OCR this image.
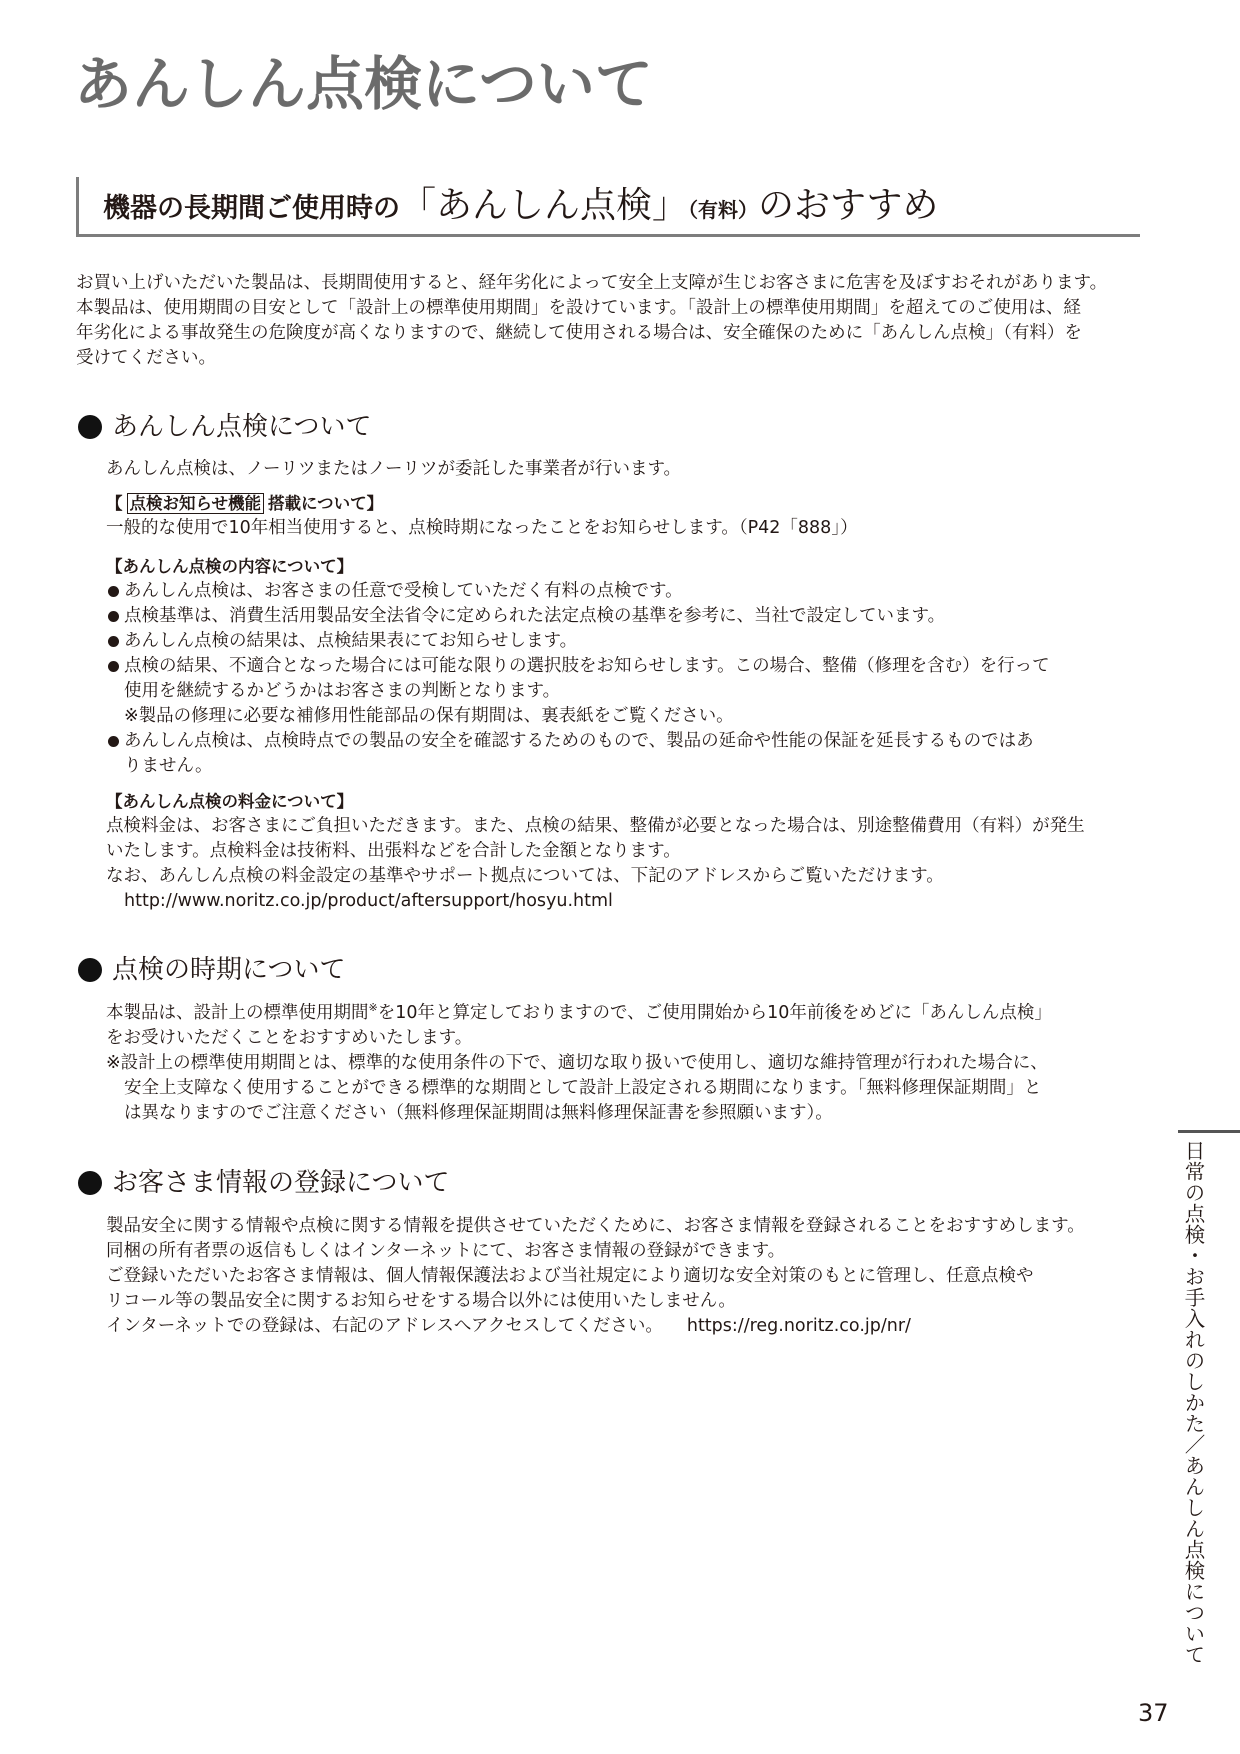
あんしん点検について
機器の長期間ご使用時の「あんしん点検」（有料）のおすすめ
お買い上げいただいた製品は、長期間使用すると、経年劣化によって安全上支障が生じお客さまに危害を及ぼすおそれがあります。
本製品は、使用期間の目安として「設計上の標準使用期間」を設けています。「設計上の標準使用期間」を超えてのご使用は、経
年劣化による事故発生の危険度が高くなりますので、継続して使用される場合は、安全確保のために「あんしん点検」（有料）を
受けてください。
あんしん点検について
あんしん点検は、ノーリツまたはノーリツが委託した事業者が行います。
【 点検お知らせ機能 搭載について】
一般的な使用で10年相当使用すると、点検時期になったことをお知らせします。（P42「888」）
【あんしん点検の内容について】
あんしん点検は、お客さまの任意で受検していただく有料の点検です。
点検基準は、消費生活用製品安全法省令に定められた法定点検の基準を参考に、当社で設定しています。
あんしん点検の結果は、点検結果表にてお知らせします。
点検の結果、不適合となった場合には可能な限りの選択肢をお知らせします。この場合、整備（修理を含む）を行って
使用を継続するかどうかはお客さまの判断となります。
※製品の修理に必要な補修用性能部品の保有期間は、裏表紙をご覧ください。
あんしん点検は、点検時点での製品の安全を確認するためのもので、製品の延命や性能の保証を延長するものではあ
りません。
【あんしん点検の料金について】
点検料金は、お客さまにご負担いただきます。また、点検の結果、整備が必要となった場合は、別途整備費用（有料）が発生
いたします。点検料金は技術料、出張料などを合計した金額となります。
なお、あんしん点検の料金設定の基準やサポート拠点については、下記のアドレスからご覧いただけます。
http://www.noritz.co.jp/product/aftersupport/hosyu.html
点検の時期について
本製品は、設計上の標準使用期間※を10年と算定しておりますので、ご使用開始から10年前後をめどに「あんしん点検」
をお受けいただくことをおすすめいたします。
※設計上の標準使用期間とは、標準的な使用条件の下で、適切な取り扱いで使用し、適切な維持管理が行われた場合に、
安全上支障なく使用することができる標準的な期間として設計上設定される期間になります。「無料修理保証期間」と
は異なりますのでご注意ください（無料修理保証期間は無料修理保証書を参照願います）。
お客さま情報の登録について
製品安全に関する情報や点検に関する情報を提供させていただくために、お客さま情報を登録されることをおすすめします。
同梱の所有者票の返信もしくはインターネットにて、お客さま情報の登録ができます。
ご登録いただいたお客さま情報は、個人情報保護法および当社規定により適切な安全対策のもとに管理し、任意点検や
リコール等の製品安全に関するお知らせをする場合以外には使用いたしません。
インターネットでの登録は、右記のアドレスへアクセスしてください。 https://reg.noritz.co.jp/nr/	日常の点検・お手入れのしかた／あんしん点検について
37
